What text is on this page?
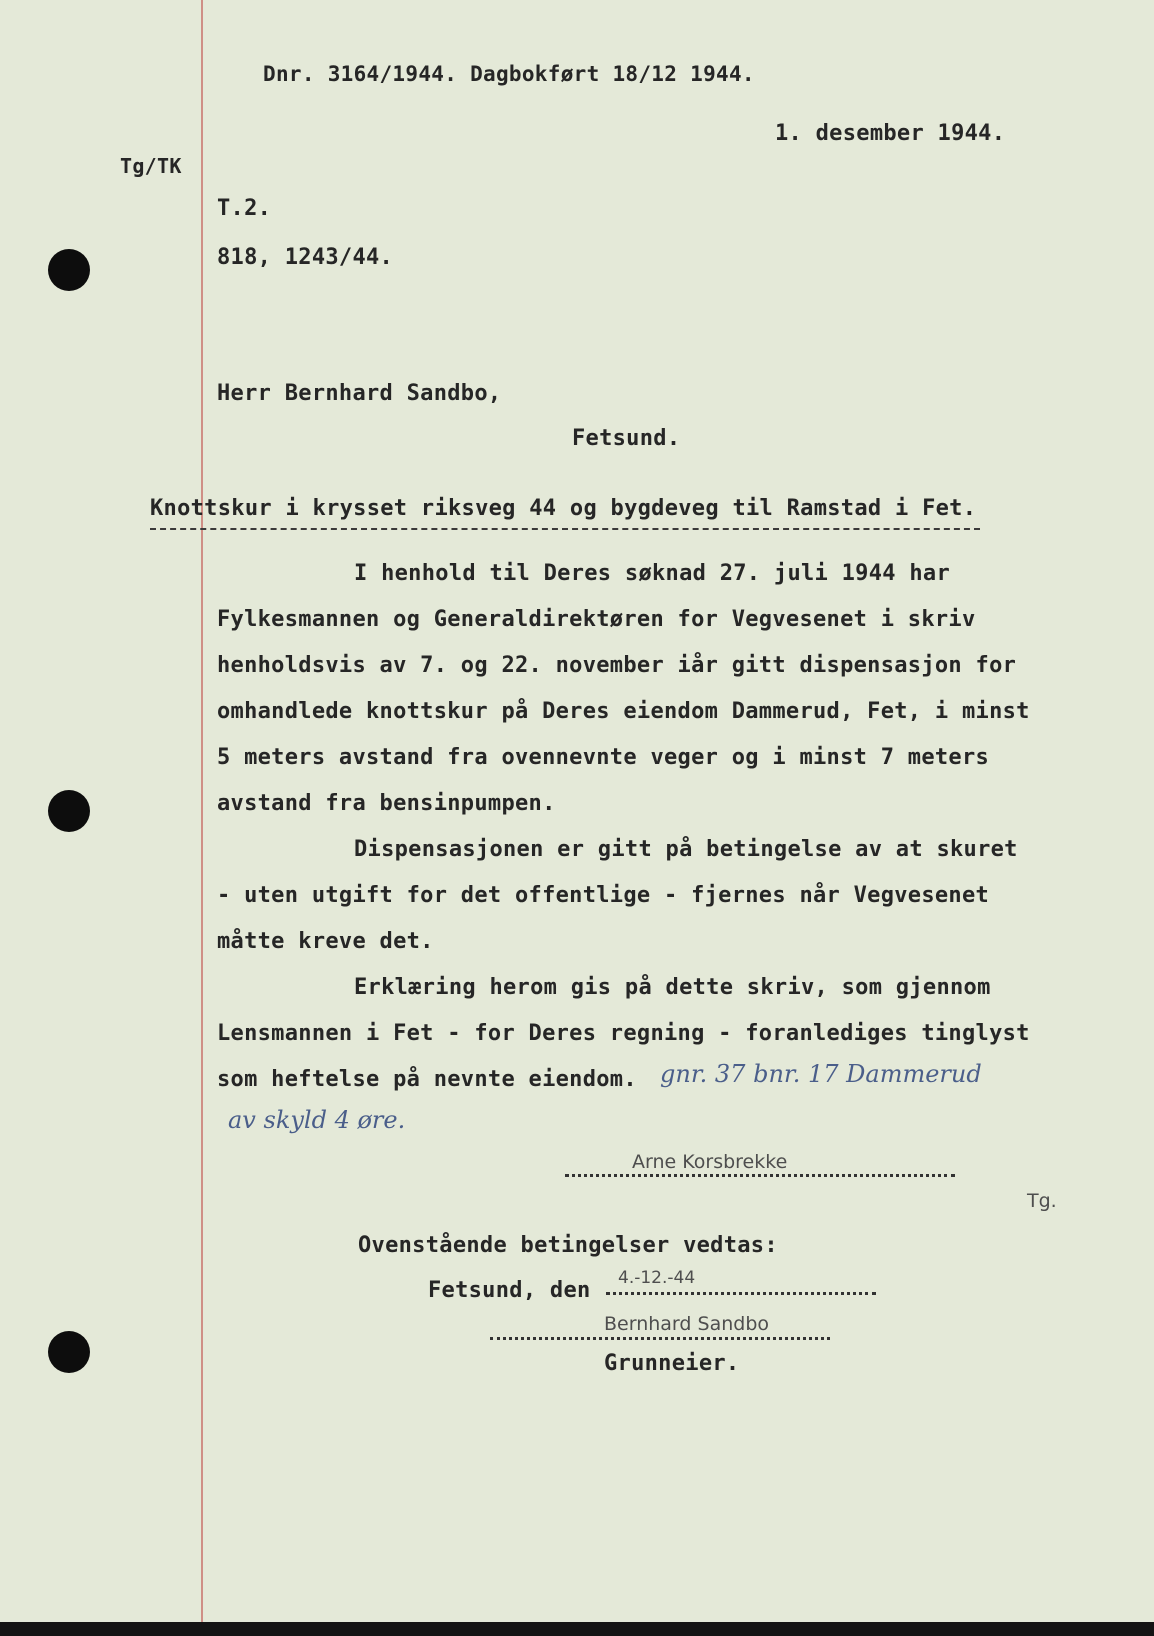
Dnr. 3164/1944. Dagbokført 18/12 1944.
1. desember 1944.
Tg/TK
T.2.
818, 1243/44.
Herr Bernhard Sandbo,
Fetsund.
Knottskur i krysset riksveg 44 og bygdeveg til Ramstad i Fet.
I henhold til Deres søknad 27. juli 1944 har
Fylkesmannen og Generaldirektøren for Vegvesenet i skriv
henholdsvis av 7. og 22. november iår gitt dispensasjon for
omhandlede knottskur på Deres eiendom Dammerud, Fet, i minst
5 meters avstand fra ovennevnte veger og i minst 7 meters
avstand fra bensinpumpen.
Dispensasjonen er gitt på betingelse av at skuret
- uten utgift for det offentlige - fjernes når Vegvesenet
måtte kreve det.
Erklæring herom gis på dette skriv, som gjennom
Lensmannen i Fet - for Deres regning - foranlediges tinglyst
som heftelse på nevnte eiendom. gnr. 37 bnr. 17 Dammerud
av skyld 4 øre.
Arne Korsbrekke
Tg.
Ovenstående betingelser vedtas:
Fetsund, den 4.-12.-44
Bernhard Sandbo
Grunneier.
